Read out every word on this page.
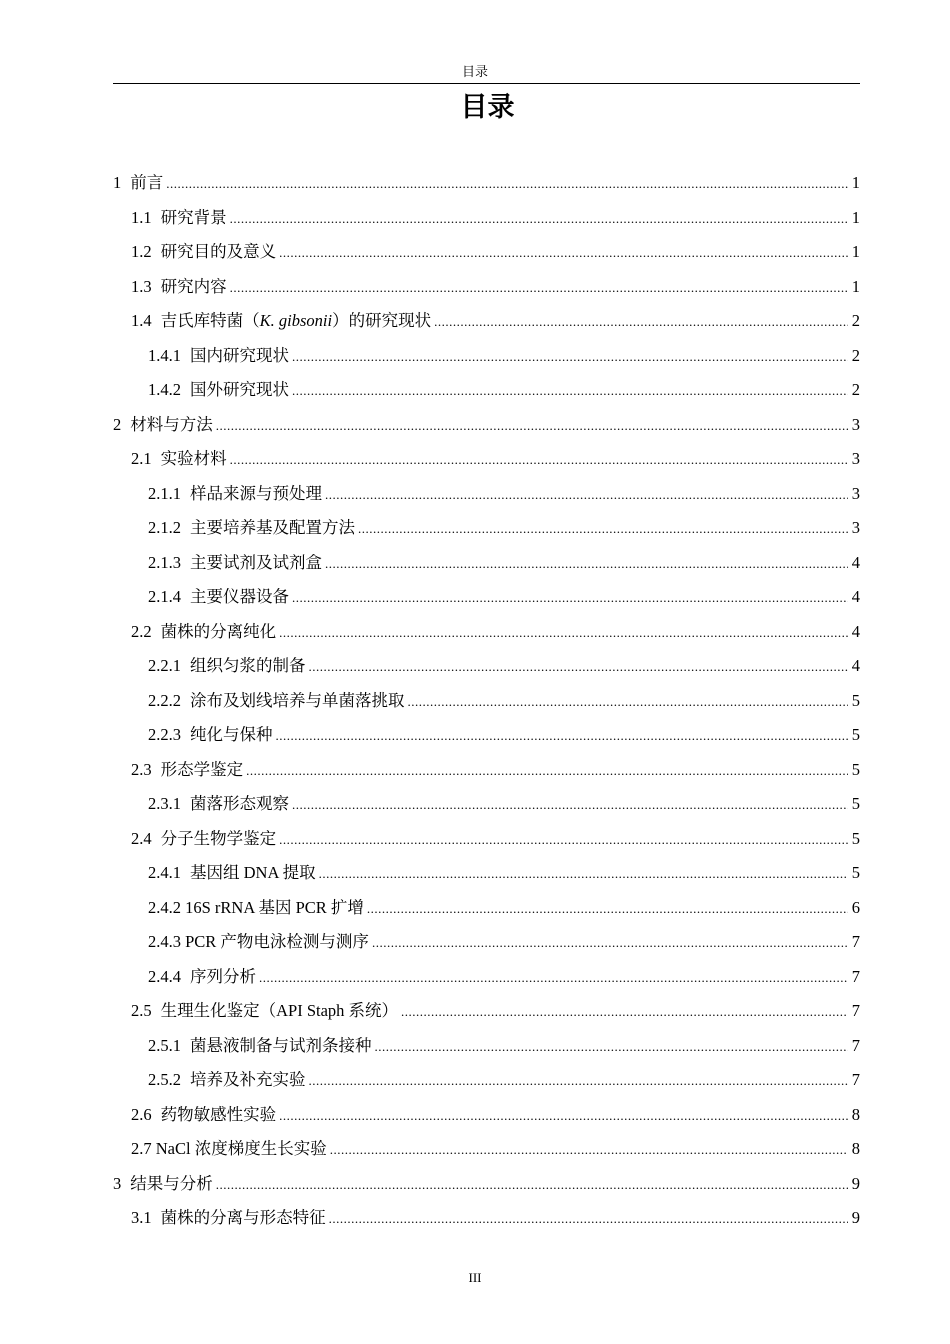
目录
目录
1 前言 .....	1
1.1 研究背景 .....	1
1.2 研究目的及意义 .....	1
1.3 研究内容 .....	1
1.4 吉氏库特菌（K. gibsonii）的研究现状 .....	2
1.4.1 国内研究现状 .....	2
1.4.2 国外研究现状 .....	2
2 材料与方法 .....	3
2.1 实验材料 .....	3
2.1.1 样品来源与预处理 .....	3
2.1.2 主要培养基及配置方法 .....	3
2.1.3 主要试剂及试剂盒 .....	4
2.1.4 主要仪器设备 .....	4
2.2 菌株的分离纯化 .....	4
2.2.1 组织匀浆的制备 .....	4
2.2.2 涂布及划线培养与单菌落挑取 .....	5
2.2.3 纯化与保种 .....	5
2.3 形态学鉴定 .....	5
2.3.1 菌落形态观察 .....	5
2.4 分子生物学鉴定 .....	5
2.4.1 基因组 DNA 提取 .....	5
2.4.2 16S rRNA 基因 PCR 扩增 .....	6
2.4.3 PCR 产物电泳检测与测序 .....	7
2.4.4 序列分析 .....	7
2.5 生理生化鉴定（API Staph 系统） .....	7
2.5.1 菌悬液制备与试剂条接种 .....	7
2.5.2 培养及补充实验 .....	7
2.6 药物敏感性实验 .....	8
2.7 NaCl 浓度梯度生长实验 .....	8
3 结果与分析 .....	9
3.1 菌株的分离与形态特征 .....	9
III
